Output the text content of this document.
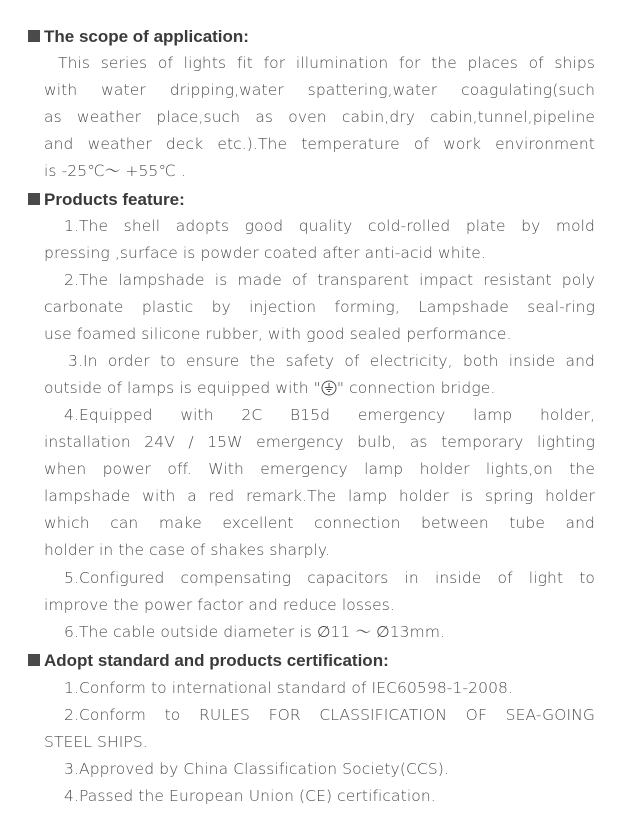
The scope of application:
This series of lights fit for illumination for the places of ships
with water dripping,water spattering,water coagulating(such
as weather place,such as oven cabin,dry cabin,tunnel,pipeline
and weather deck etc.).The temperature of work environment
is -25℃～ +55℃ .
Products feature:
1.The shell adopts good quality cold-rolled plate by mold
pressing ,surface is powder coated after anti-acid white.
2.The lampshade is made of transparent impact resistant poly
carbonate plastic by injection forming, Lampshade seal-ring
use foamed silicone rubber, with good sealed performance.
3.In order to ensure the safety of electricity, both inside and
outside of lamps is equipped with " " connection bridge.
4.Equipped with 2C B15d emergency lamp holder,
installation 24V / 15W emergency bulb, as temporary lighting
when power off. With emergency lamp holder lights,on the
lampshade with a red remark.The lamp holder is spring holder
which can make excellent connection between tube and
holder in the case of shakes sharply.
5.Configured compensating capacitors in inside of light to
improve the power factor and reduce losses.
6.The cable outside diameter is ∅11 ～ ∅13mm.
Adopt standard and products certification:
1.Conform to international standard of IEC60598-1-2008.
2.Conform to RULES FOR CLASSIFICATION OF SEA-GOING
STEEL SHIPS.
3.Approved by China Classification Society(CCS).
4.Passed the European Union (CE) certification.
